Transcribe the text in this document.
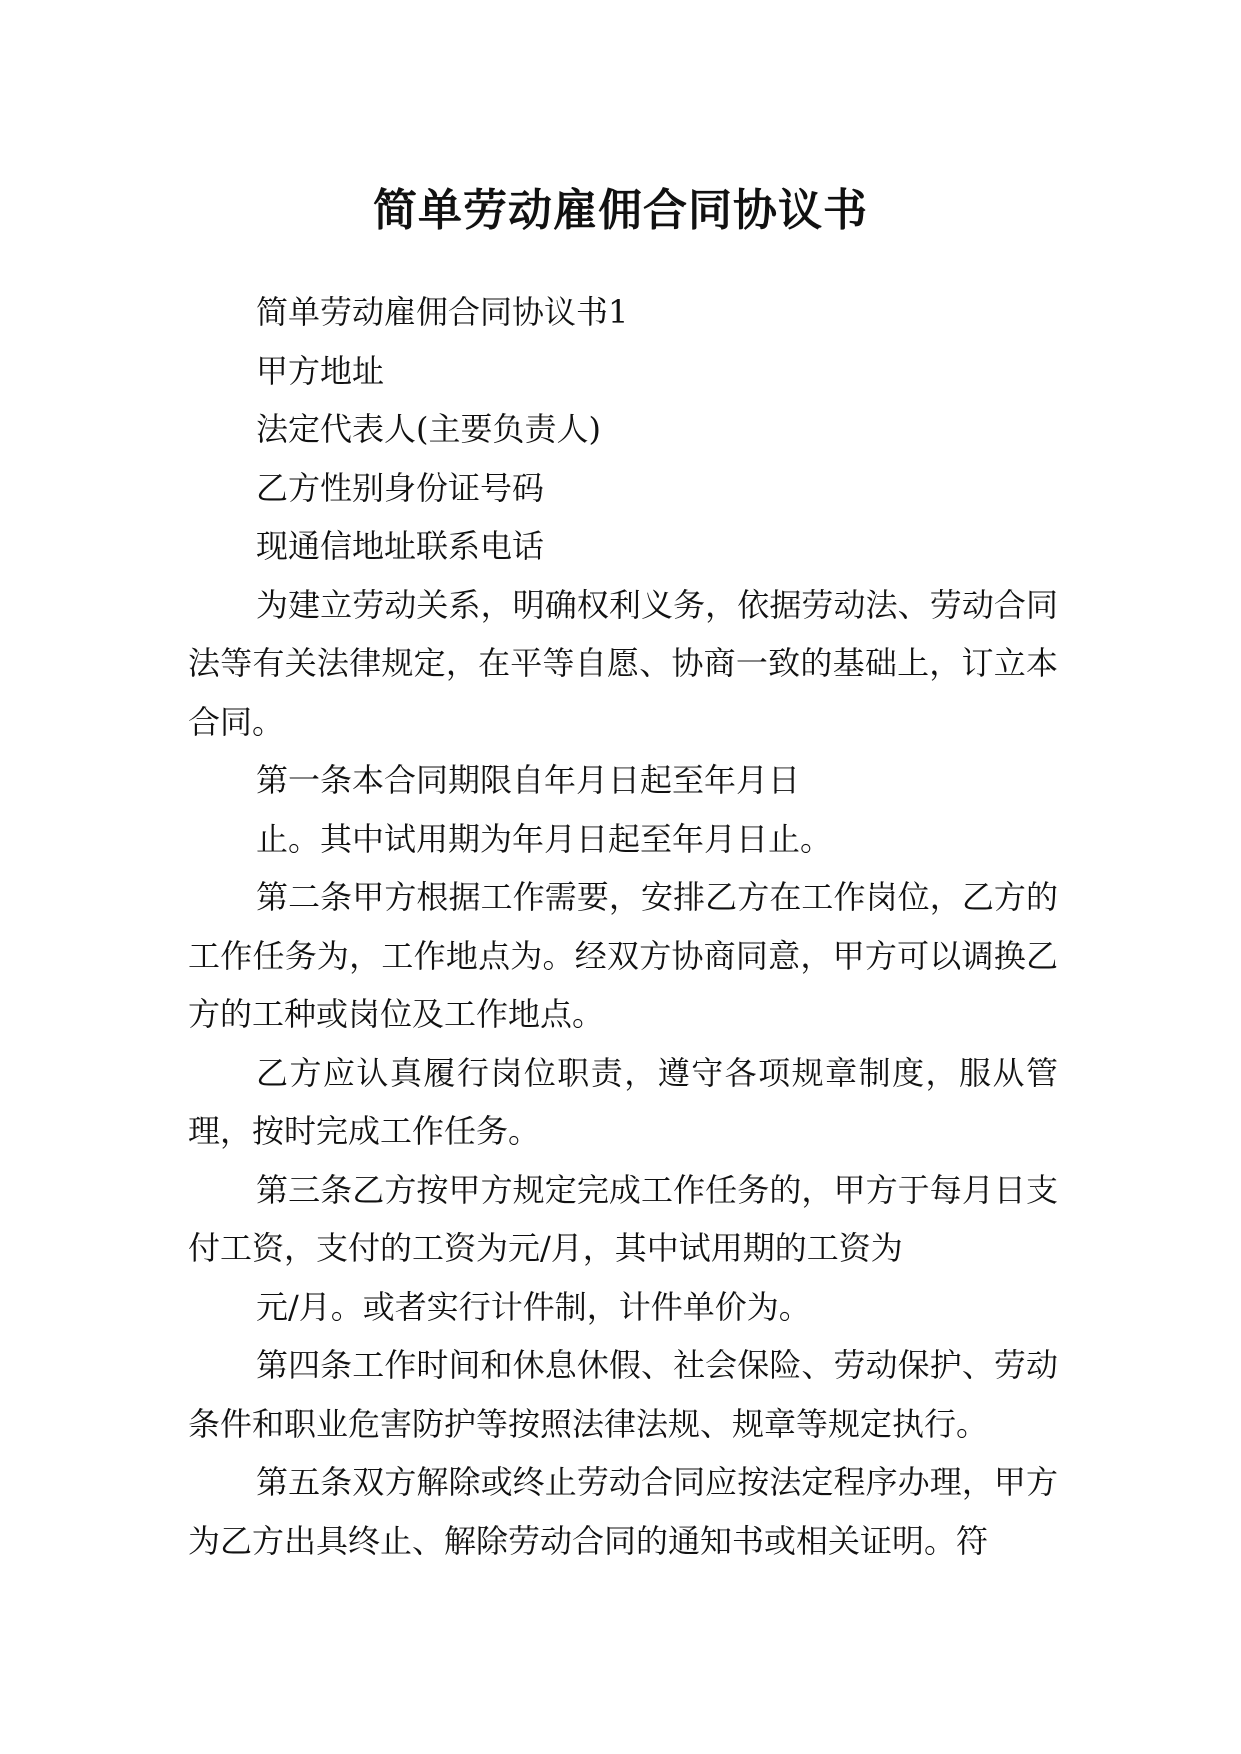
简单劳动雇佣合同协议书

简单劳动雇佣合同协议书1

甲方地址

法定代表人(主要负责人)

乙方性别身份证号码

现通信地址联系电话

为建立劳动关系，明确权利义务，依据劳动法、劳动合同法等有关法律规定，在平等自愿、协商一致的基础上，订立本合同。

第一条本合同期限自年月日起至年月日

止。其中试用期为年月日起至年月日止。

第二条甲方根据工作需要，安排乙方在工作岗位，乙方的工作任务为，工作地点为。经双方协商同意，甲方可以调换乙方的工种或岗位及工作地点。

乙方应认真履行岗位职责，遵守各项规章制度，服从管理，按时完成工作任务。

第三条乙方按甲方规定完成工作任务的，甲方于每月日支付工资，支付的工资为元/月，其中试用期的工资为

元/月。或者实行计件制，计件单价为。

第四条工作时间和休息休假、社会保险、劳动保护、劳动条件和职业危害防护等按照法律法规、规章等规定执行。

第五条双方解除或终止劳动合同应按法定程序办理，甲方为乙方出具终止、解除劳动合同的通知书或相关证明。符
